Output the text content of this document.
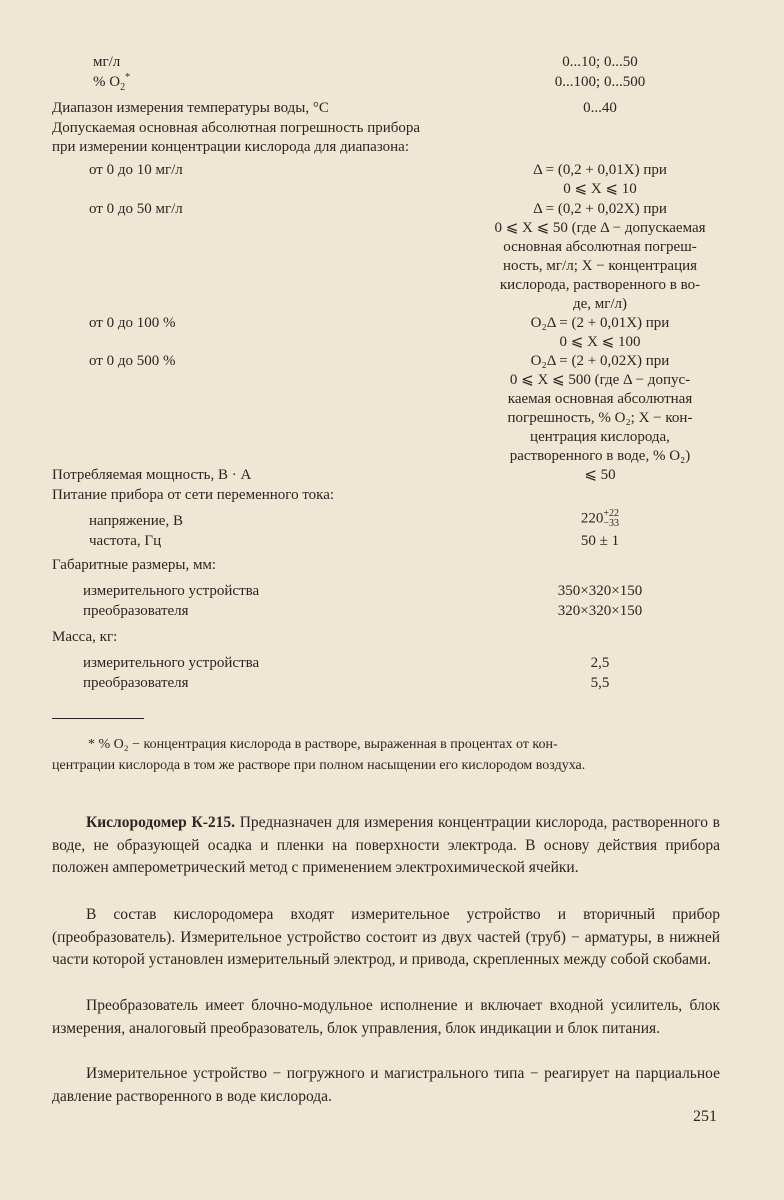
мг/л	0...10; 0...50
% $O_2^*$	0...100; 0...500
Диапазон измерения температуры воды, °C	0...40
Допускаемая основная абсолютная погрешность прибора
при измерении концентрации кислорода для диапазона:
от 0 до 10 мг/л	Δ = (0,2 + 0,01X) при
0 ⩽ X ⩽ 10
от 0 до 50 мг/л	Δ = (0,2 + 0,02X) при
0 ⩽ X ⩽ 50 (где Δ − допускаемая
основная абсолютная погреш-
ность, мг/л; X − концентрация
кислорода, растворенного в во-
де, мг/л)
от 0 до 100 %	O₂Δ = (2 + 0,01X) при
0 ⩽ X ⩽ 100
от 0 до 500 %	O₂Δ = (2 + 0,02X) при
0 ⩽ X ⩽ 500 (где Δ − допус-
каемая основная абсолютная
погрешность, % O₂; X − кон-
центрация кислорода,
растворенного в воде, % O₂)
Потребляемая мощность, В · А	⩽ 50
Питание прибора от сети переменного тока:
напряжение, В	220+22
−33
частота, Гц	50 ± 1
Габаритные размеры, мм:
измерительного устройства	350×320×150
преобразователя	320×320×150
Масса, кг:
измерительного устройства	2,5
преобразователя	5,5
* % O₂ − концентрация кислорода в растворе, выраженная в процентах от кон-
центрации кислорода в том же растворе при полном насыщении его кислородом воздуха.
Кислородомер К-215. Предназначен для измерения концентрации кислорода, растворенного в воде, не образующей осадка и пленки на поверхности электрода. В основу действия прибора положен амперометрический метод с применением электрохимической ячейки.
В состав кислородомера входят измерительное устройство и вторичный прибор (преобразователь). Измерительное устройство состоит из двух частей (труб) − арматуры, в нижней части которой установлен измерительный электрод, и привода, скрепленных между собой скобами.
Преобразователь имеет блочно-модульное исполнение и включает входной усилитель, блок измерения, аналоговый преобразователь, блок управления, блок индикации и блок питания.
Измерительное устройство − погружного и магистрального типа − реагирует на парциальное давление растворенного в воде кислорода.
251
